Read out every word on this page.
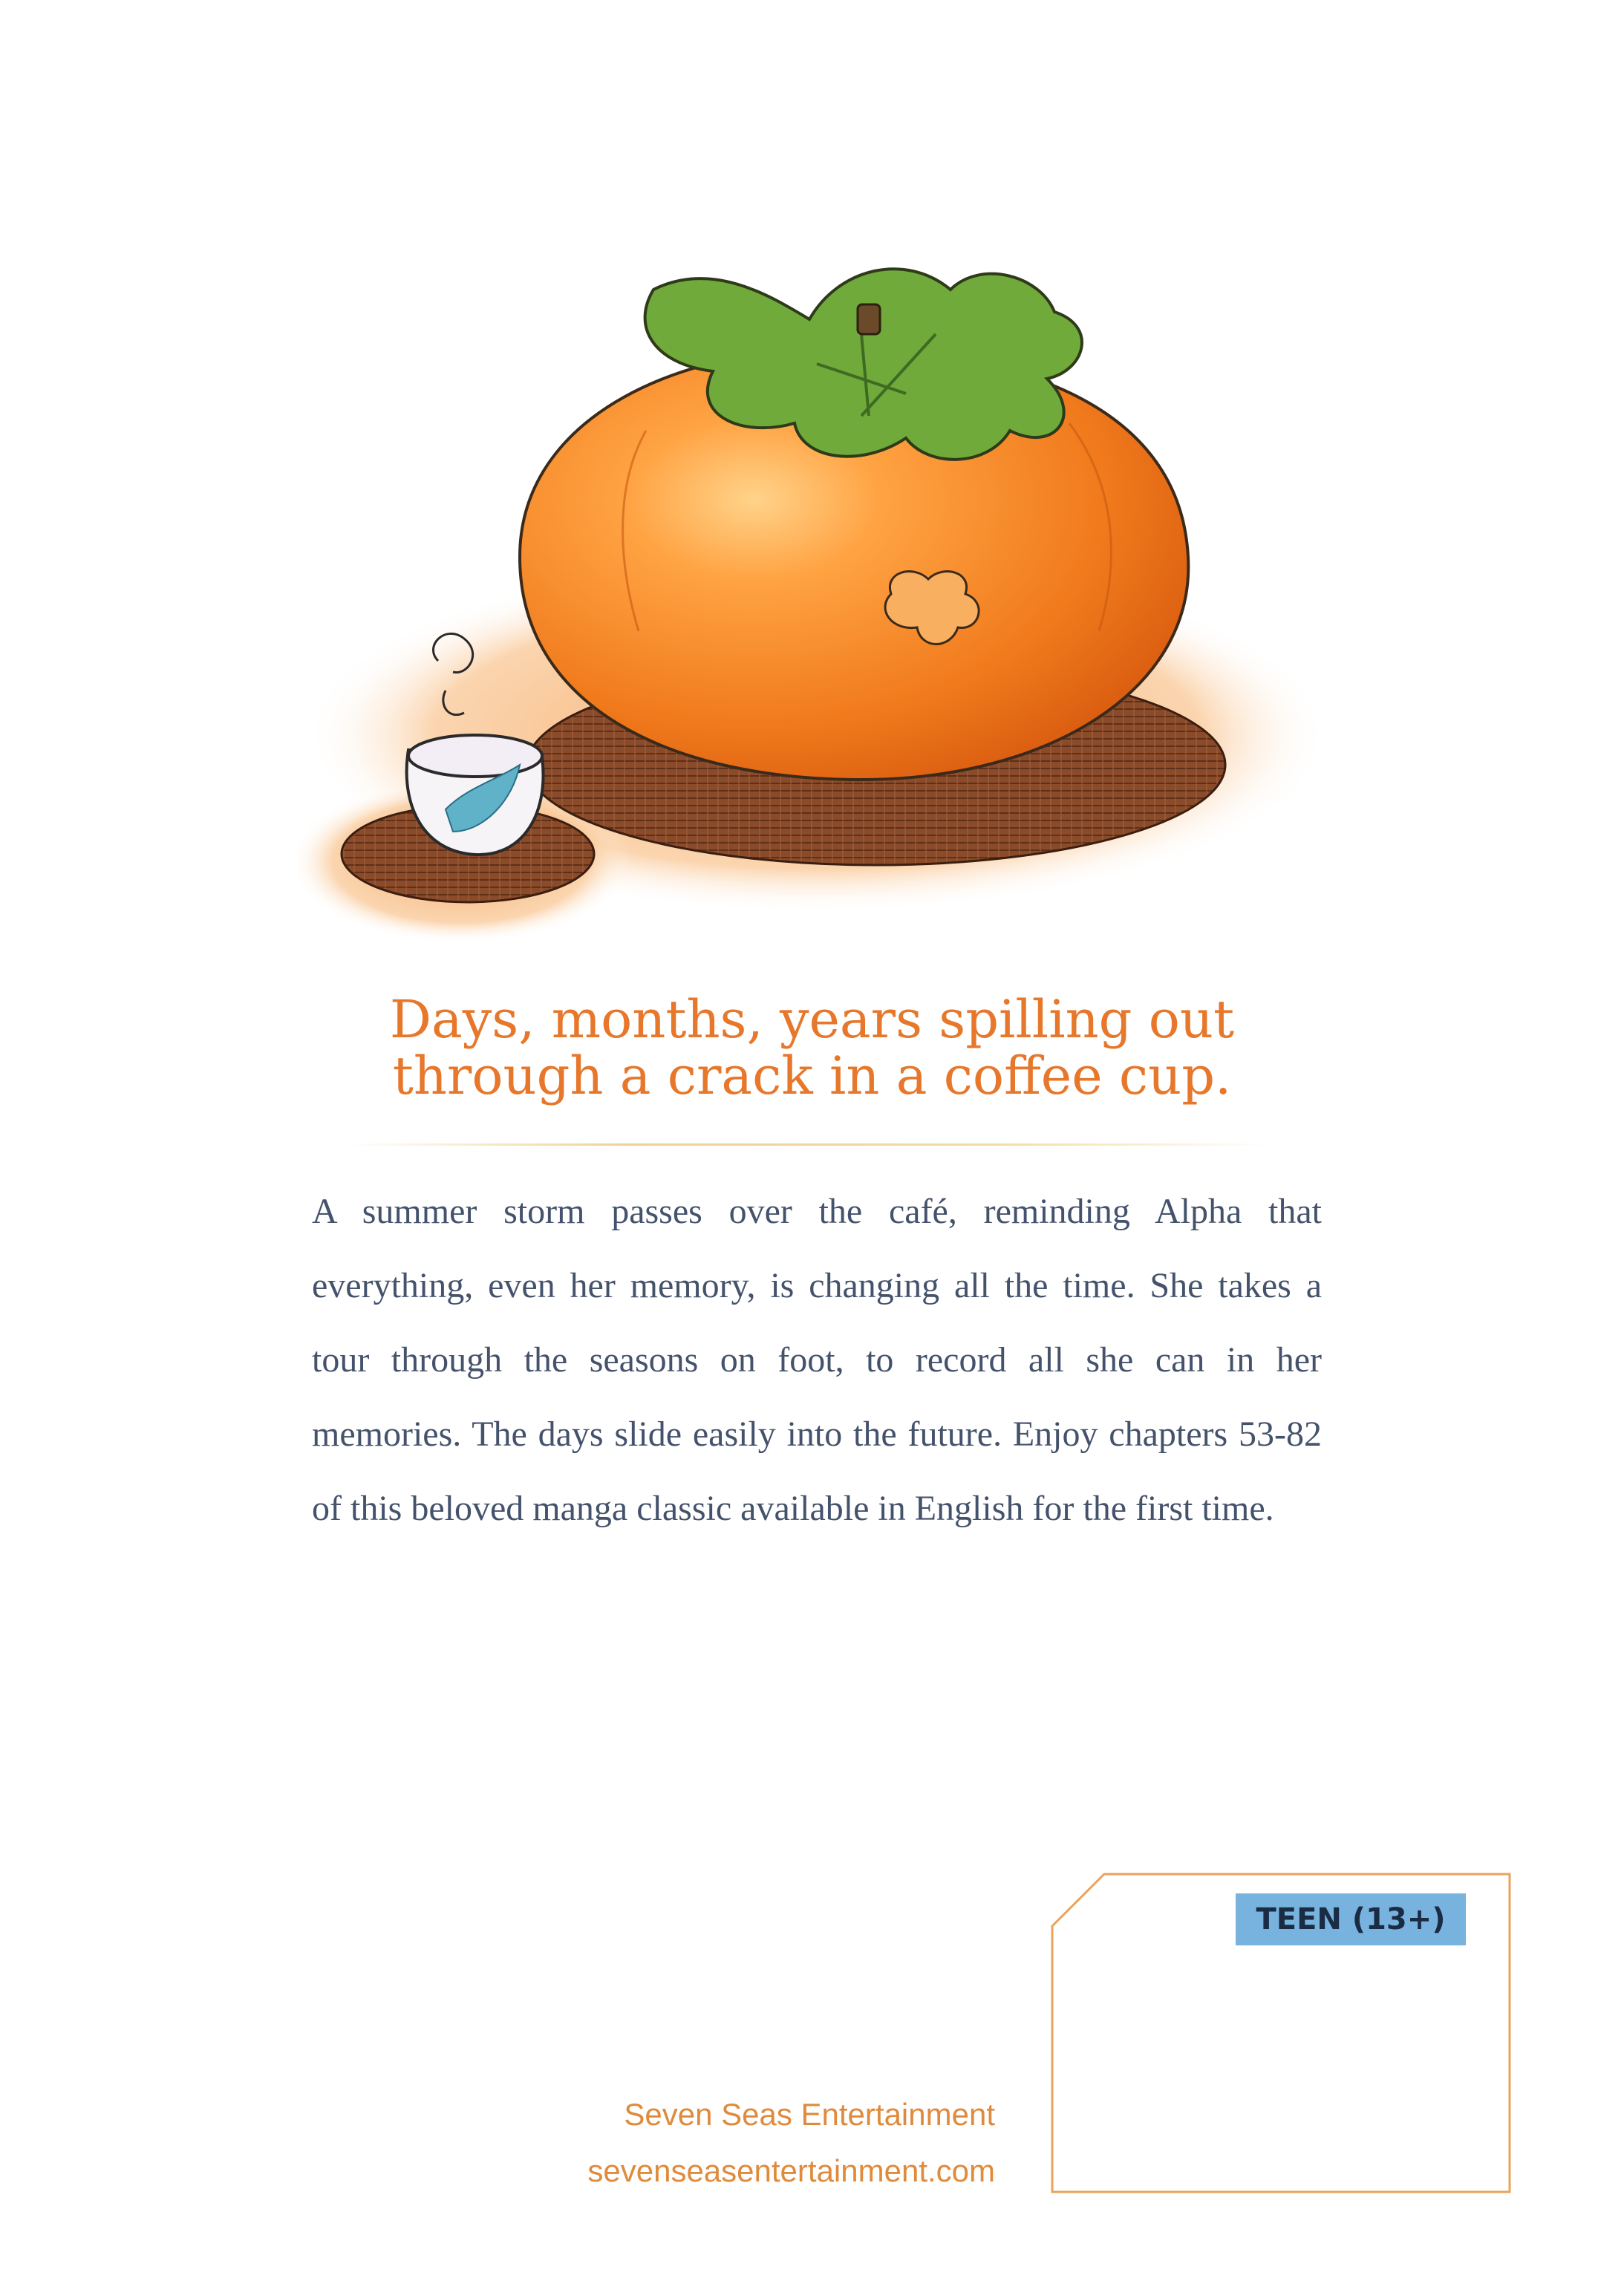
Days, months, years spilling out
through a crack in a coffee cup.

A summer storm passes over the café, reminding Alpha that everything, even her memory, is changing all the time. She takes a tour through the seasons on foot, to record all she can in her memories. The days slide easily into the future. Enjoy chapters 53-82 of this beloved manga classic available in English for the first time.

Seven Seas Entertainment
sevenseasentertainment.com
TEEN (13+)
